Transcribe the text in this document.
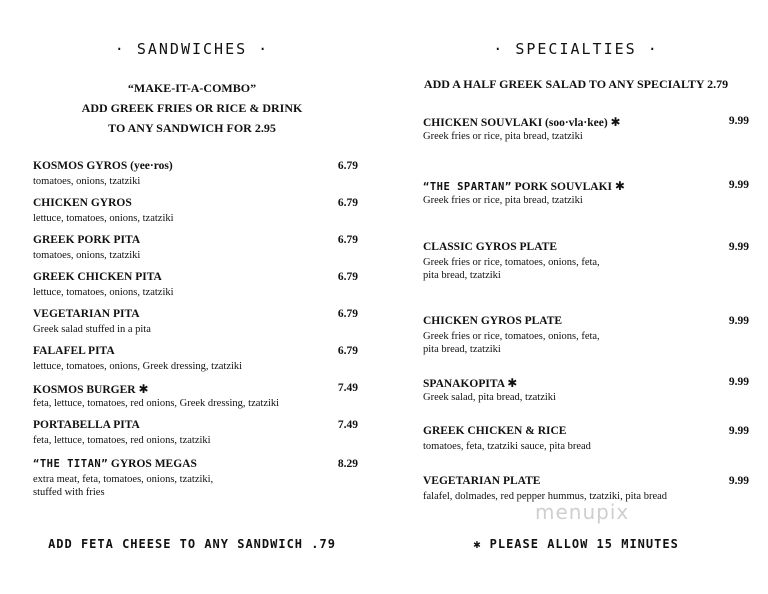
· SANDWICHES ·
“MAKE-IT-A-COMBO”
ADD GREEK FRIES OR RICE & DRINK
TO ANY SANDWICH FOR 2.95
KOSMOS GYROS (yee·ros)
tomatoes, onions, tzatziki
6.79
CHICKEN GYROS
lettuce, tomatoes, onions, tzatziki
6.79
GREEK PORK PITA
tomatoes, onions, tzatziki
6.79
GREEK CHICKEN PITA
lettuce, tomatoes, onions, tzatziki
6.79
VEGETARIAN PITA
Greek salad stuffed in a pita
6.79
FALAFEL PITA
lettuce, tomatoes, onions, Greek dressing, tzatziki
6.79
KOSMOS BURGER ✱
feta, lettuce, tomatoes, red onions, Greek dressing, tzatziki
7.49
PORTABELLA PITA
feta, lettuce, tomatoes, red onions, tzatziki
7.49
“THE TITAN” GYROS MEGAS
extra meat, feta, tomatoes, onions, tzatziki, stuffed with fries
8.29
ADD FETA CHEESE TO ANY SANDWICH .79
· SPECIALTIES ·
ADD A HALF GREEK SALAD TO ANY SPECIALTY 2.79
CHICKEN SOUVLAKI (soo·vla·kee) ✱
Greek fries or rice, pita bread, tzatziki
9.99
“THE SPARTAN” PORK SOUVLAKI ✱
Greek fries or rice, pita bread, tzatziki
9.99
CLASSIC GYROS PLATE
Greek fries or rice, tomatoes, onions, feta, pita bread, tzatziki
9.99
CHICKEN GYROS PLATE
Greek fries or rice, tomatoes, onions, feta, pita bread, tzatziki
9.99
SPANAKOPITA ✱
Greek salad, pita bread, tzatziki
9.99
GREEK CHICKEN & RICE
tomatoes, feta, tzatziki sauce, pita bread
9.99
VEGETARIAN PLATE
falafel, dolmades, red pepper hummus, tzatziki, pita bread
9.99
✱ PLEASE ALLOW 15 MINUTES
menupix
